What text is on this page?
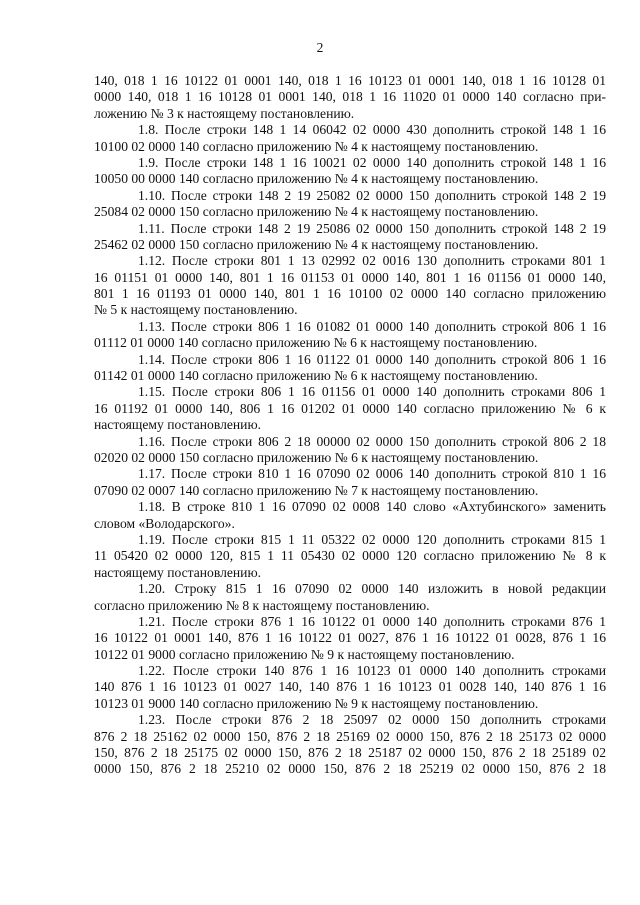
2
140, 018 1 16 10122 01 0001 140, 018 1 16 10123 01 0001 140, 018 1 16 10128 01
0000 140, 018 1 16 10128 01 0001 140, 018 1 16 11020 01 0000 140 согласно при-
ложению № 3 к настоящему постановлению.
1.8. После строки 148 1 14 06042 02 0000 430 дополнить строкой 148 1 16
10100 02 0000 140 согласно приложению № 4 к настоящему постановлению.
1.9. После строки 148 1 16 10021 02 0000 140 дополнить строкой 148 1 16
10050 00 0000 140 согласно приложению № 4 к настоящему постановлению.
1.10. После строки 148 2 19 25082 02 0000 150 дополнить строкой 148 2 19
25084 02 0000 150 согласно приложению № 4 к настоящему постановлению.
1.11. После строки 148 2 19 25086 02 0000 150 дополнить строкой 148 2 19
25462 02 0000 150 согласно приложению № 4 к настоящему постановлению.
1.12. После строки 801 1 13 02992 02 0016 130 дополнить строками 801 1
16 01151 01 0000 140, 801 1 16 01153 01 0000 140, 801 1 16 01156 01 0000 140,
801 1 16 01193 01 0000 140, 801 1 16 10100 02 0000 140 согласно приложению
№ 5 к настоящему постановлению.
1.13. После строки 806 1 16 01082 01 0000 140 дополнить строкой 806 1 16
01112 01 0000 140 согласно приложению № 6 к настоящему постановлению.
1.14. После строки 806 1 16 01122 01 0000 140 дополнить строкой 806 1 16
01142 01 0000 140 согласно приложению № 6 к настоящему постановлению.
1.15. После строки 806 1 16 01156 01 0000 140 дополнить строками 806 1
16 01192 01 0000 140, 806 1 16 01202 01 0000 140 согласно приложению № 6 к
настоящему постановлению.
1.16. После строки 806 2 18 00000 02 0000 150 дополнить строкой 806 2 18
02020 02 0000 150 согласно приложению № 6 к настоящему постановлению.
1.17. После строки 810 1 16 07090 02 0006 140 дополнить строкой 810 1 16
07090 02 0007 140 согласно приложению № 7 к настоящему постановлению.
1.18. В строке 810 1 16 07090 02 0008 140 слово «Ахтубинского» заменить
словом «Володарского».
1.19. После строки 815 1 11 05322 02 0000 120 дополнить строками 815 1
11 05420 02 0000 120, 815 1 11 05430 02 0000 120 согласно приложению № 8 к
настоящему постановлению.
1.20. Строку 815 1 16 07090 02 0000 140 изложить в новой редакции
согласно приложению № 8 к настоящему постановлению.
1.21. После строки 876 1 16 10122 01 0000 140 дополнить строками 876 1
16 10122 01 0001 140, 876 1 16 10122 01 0027, 876 1 16 10122 01 0028, 876 1 16
10122 01 9000 согласно приложению № 9 к настоящему постановлению.
1.22. После строки 140 876 1 16 10123 01 0000 140 дополнить строками
140 876 1 16 10123 01 0027 140, 140 876 1 16 10123 01 0028 140, 140 876 1 16
10123 01 9000 140 согласно приложению № 9 к настоящему постановлению.
1.23. После строки 876 2 18 25097 02 0000 150 дополнить строками
876 2 18 25162 02 0000 150, 876 2 18 25169 02 0000 150, 876 2 18 25173 02 0000
150, 876 2 18 25175 02 0000 150, 876 2 18 25187 02 0000 150, 876 2 18 25189 02
0000 150, 876 2 18 25210 02 0000 150, 876 2 18 25219 02 0000 150, 876 2 18
